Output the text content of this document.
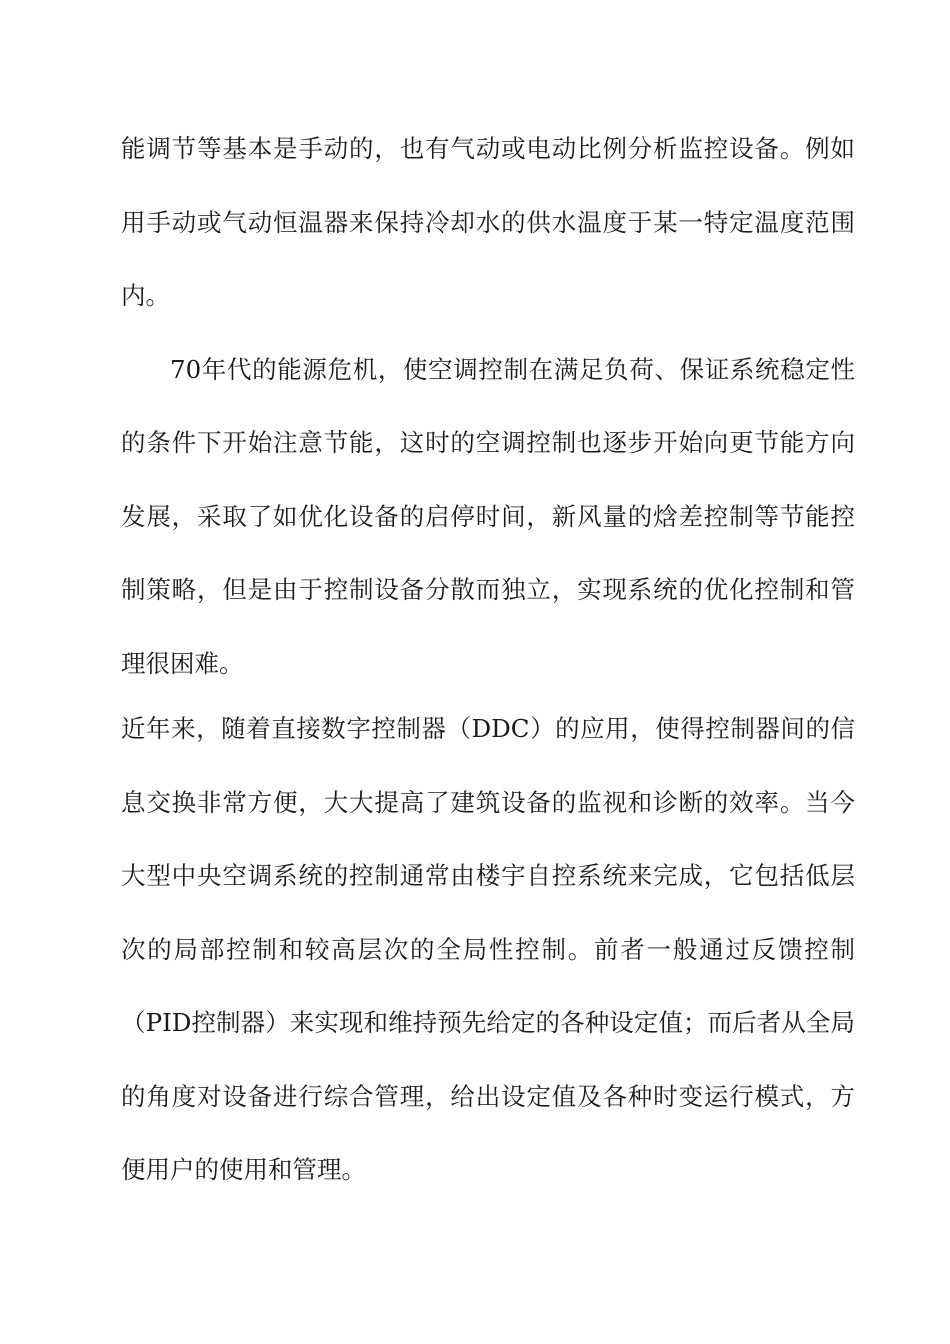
能调节等基本是手动的，也有气动或电动比例分析监控设备。例如用手动或气动恒温器来保持冷却水的供水温度于某一特定温度范围内。

70年代的能源危机，使空调控制在满足负荷、保证系统稳定性的条件下开始注意节能，这时的空调控制也逐步开始向更节能方向发展，采取了如优化设备的启停时间，新风量的焓差控制等节能控制策略，但是由于控制设备分散而独立，实现系统的优化控制和管理很困难。

近年来，随着直接数字控制器（DDC）的应用，使得控制器间的信息交换非常方便，大大提高了建筑设备的监视和诊断的效率。当今大型中央空调系统的控制通常由楼宇自控系统来完成，它包括低层次的局部控制和较高层次的全局性控制。前者一般通过反馈控制（PID控制器）来实现和维持预先给定的各种设定值；而后者从全局的角度对设备进行综合管理，给出设定值及各种时变运行模式，方便用户的使用和管理。
